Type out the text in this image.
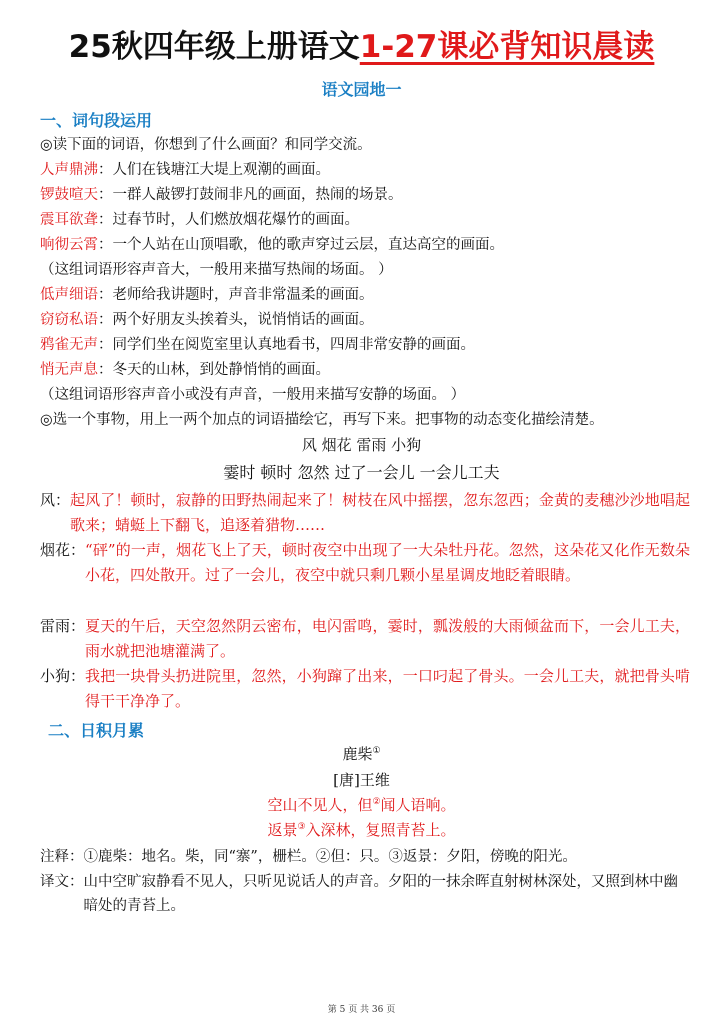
25秋四年级上册语文1-27课必背知识晨读
语文园地一
一、词句段运用
◎读下面的词语，你想到了什么画面？和同学交流。
人声鼎沸：人们在钱塘江大堤上观潮的画面。
锣鼓喧天：一群人敲锣打鼓闹非凡的画面，热闹的场景。
震耳欲聋：过春节时，人们燃放烟花爆竹的画面。
响彻云霄：一个人站在山顶唱歌，他的歌声穿过云层，直达高空的画面。
（这组词语形容声音大，一般用来描写热闹的场面。 ）
低声细语：老师给我讲题时，声音非常温柔的画面。
窃窃私语：两个好朋友头挨着头，说悄悄话的画面。
鸦雀无声：同学们坐在阅览室里认真地看书，四周非常安静的画面。
悄无声息：冬天的山林，到处静悄悄的画面。
（这组词语形容声音小或没有声音，一般用来描写安静的场面。 ）
◎选一个事物，用上一两个加点的词语描绘它，再写下来。把事物的动态变化描绘清楚。
风 烟花 雷雨 小狗
霎时 顿时 忽然 过了一会儿 一会儿工夫
风： 起风了！顿时，寂静的田野热闹起来了！树枝在风中摇摆，忽东忽西；金黄的麦穗沙沙地唱起歌来；蜻蜓上下翻飞，追逐着猎物……
烟花： “砰”的一声，烟花飞上了天，顿时夜空中出现了一大朵牡丹花。忽然，这朵花又化作无数朵小花，四处散开。过了一会儿，夜空中就只剩几颗小星星调皮地眨着眼睛。
雷雨： 夏天的午后，天空忽然阴云密布，电闪雷鸣，霎时，瓢泼般的大雨倾盆而下，一会儿工夫，雨水就把池塘灌满了。
小狗： 我把一块骨头扔进院里，忽然，小狗蹿了出来，一口叼起了骨头。一会儿工夫，就把骨头啃得干干净净了。
二、日积月累
鹿柴①
[唐]王维
空山不见人，但②闻人语响。
返景③入深林，复照青苔上。
注释： ①鹿柴：地名。柴，同“寨”，栅栏。②但：只。③返景：夕阳，傍晚的阳光。
译文： 山中空旷寂静看不见人，只听见说话人的声音。夕阳的一抹余晖直射树林深处，又照到林中幽暗处的青苔上。
第 5 页 共 36 页
